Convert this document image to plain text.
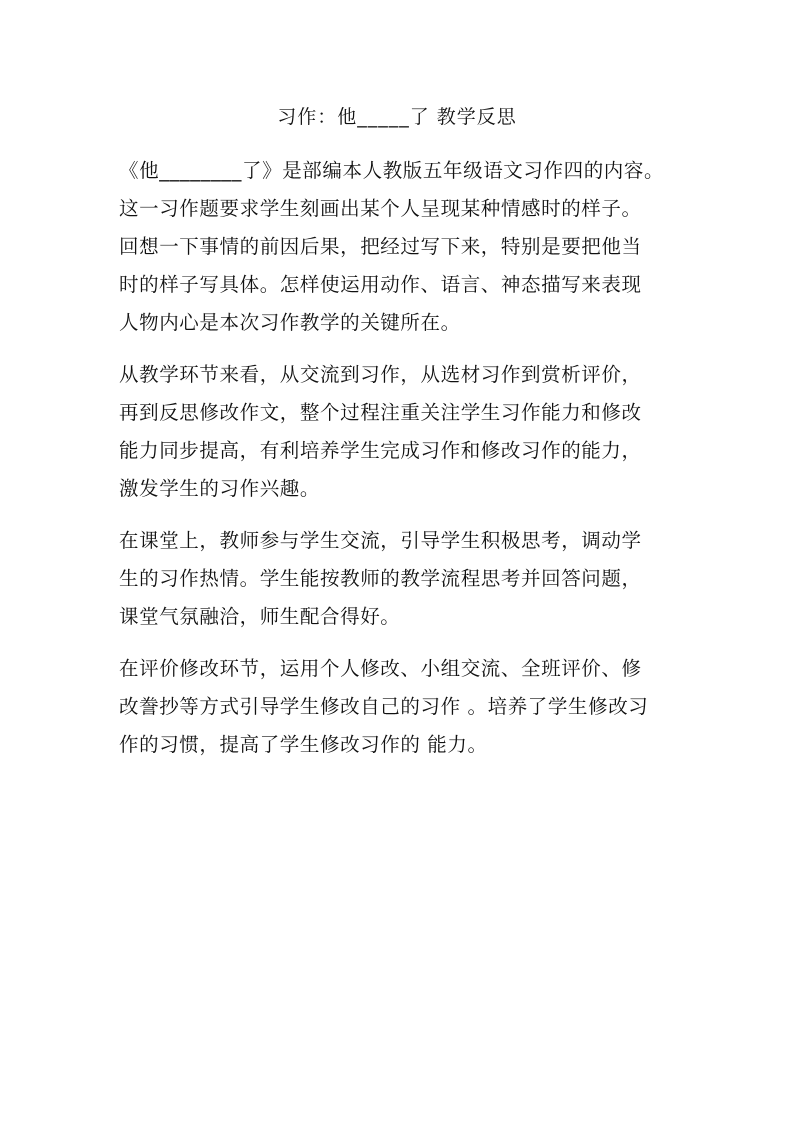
习作：他_____了 教学反思
《他________了》是部编本人教版五年级语文习作四的内容。
这一习作题要求学生刻画出某个人呈现某种情感时的样子。
回想一下事情的前因后果，把经过写下来，特别是要把他当
时的样子写具体。怎样使运用动作、语言、神态描写来表现
人物内心是本次习作教学的关键所在。
从教学环节来看，从交流到习作，从选材习作到赏析评价，
再到反思修改作文，整个过程注重关注学生习作能力和修改
能力同步提高，有利培养学生完成习作和修改习作的能力，
激发学生的习作兴趣。
在课堂上，教师参与学生交流，引导学生积极思考，调动学
生的习作热情。学生能按教师的教学流程思考并回答问题，
课堂气氛融洽，师生配合得好。
在评价修改环节，运用个人修改、小组交流、全班评价、修
改誊抄等方式引导学生修改自己的习作 。培养了学生修改习
作的习惯，提高了学生修改习作的 能力。
